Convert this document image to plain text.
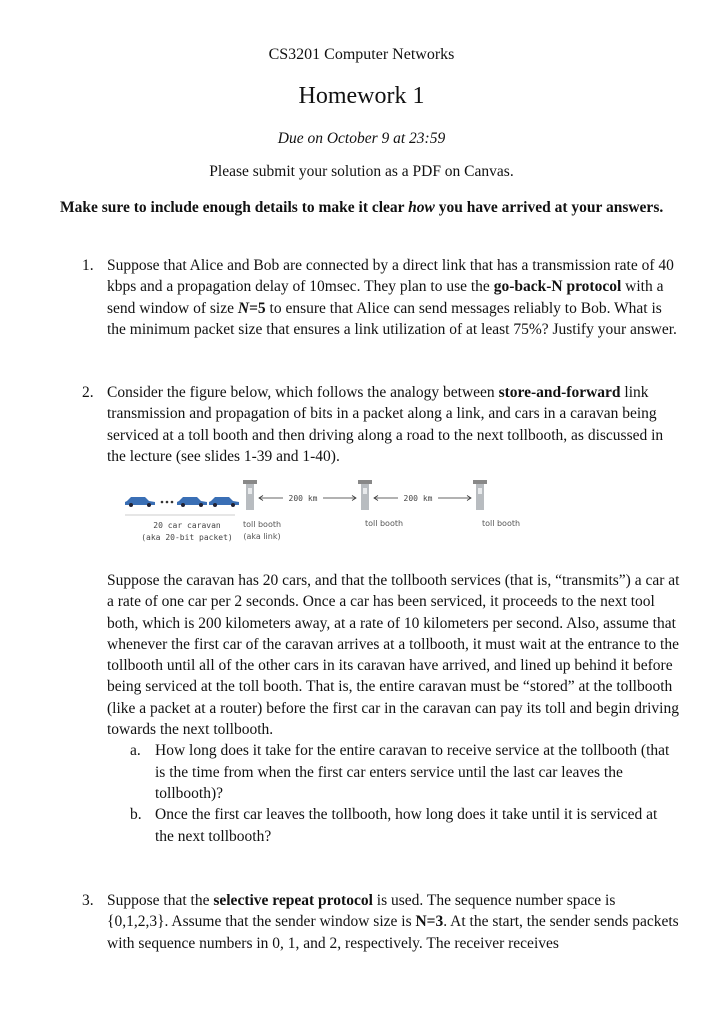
CS3201 Computer Networks
Homework 1
Due on October 9 at 23:59
Please submit your solution as a PDF on Canvas.
Make sure to include enough details to make it clear how you have arrived at your answers.
1. Suppose that Alice and Bob are connected by a direct link that has a transmission rate of 40 kbps and a propagation delay of 10msec. They plan to use the go-back-N protocol with a send window of size N=5 to ensure that Alice can send messages reliably to Bob. What is the minimum packet size that ensures a link utilization of at least 75%? Justify your answer.
2. Consider the figure below, which follows the analogy between store-and-forward link transmission and propagation of bits in a packet along a link, and cars in a caravan being serviced at a toll booth and then driving along a road to the next tollbooth, as discussed in the lecture (see slides 1-39 and 1-40).
200 km	200 km
20 car caravan
(aka 20-bit packet)
toll booth
(aka link)
toll booth	toll booth
Suppose the caravan has 20 cars, and that the tollbooth services (that is, “transmits”) a car at a rate of one car per 2 seconds. Once a car has been serviced, it proceeds to the next tool both, which is 200 kilometers away, at a rate of 10 kilometers per second. Also, assume that whenever the first car of the caravan arrives at a tollbooth, it must wait at the entrance to the tollbooth until all of the other cars in its caravan have arrived, and lined up behind it before being serviced at the toll booth. That is, the entire caravan must be “stored” at the tollbooth (like a packet at a router) before the first car in the caravan can pay its toll and begin driving towards the next tollbooth.
a. How long does it take for the entire caravan to receive service at the tollbooth (that is the time from when the first car enters service until the last car leaves the tollbooth)?
b. Once the first car leaves the tollbooth, how long does it take until it is serviced at the next tollbooth?
3. Suppose that the selective repeat protocol is used. The sequence number space is {0,1,2,3}. Assume that the sender window size is N=3. At the start, the sender sends packets with sequence numbers in 0, 1, and 2, respectively. The receiver receives
